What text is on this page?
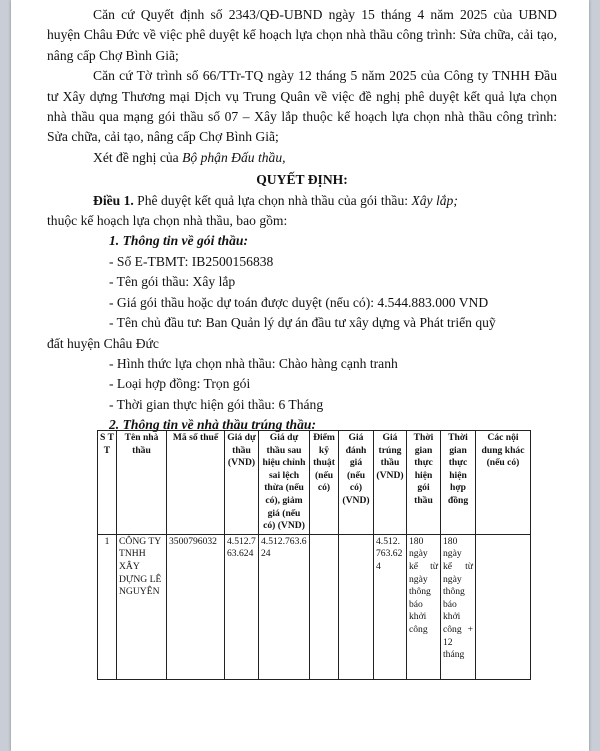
Căn cứ Quyết định số 2343/QĐ-UBND ngày 15 tháng 4 năm 2025 của UBND huyện Châu Đức về việc phê duyệt kế hoạch lựa chọn nhà thầu công trình: Sửa chữa, cải tạo, nâng cấp Chợ Bình Giã;

Căn cứ Tờ trình số 66/TTr-TQ ngày 12 tháng 5 năm 2025 của Công ty TNHH Đầu tư Xây dựng Thương mại Dịch vụ Trung Quân về việc đề nghị phê duyệt kết quả lựa chọn nhà thầu qua mạng gói thầu số 07 – Xây lắp thuộc kế hoạch lựa chọn nhà thầu công trình: Sửa chữa, cải tạo, nâng cấp Chợ Bình Giã;

Xét đề nghị của Bộ phận Đấu thầu,

QUYẾT ĐỊNH:

Điều 1. Phê duyệt kết quả lựa chọn nhà thầu của gói thầu: Xây lắp;

thuộc kế hoạch lựa chọn nhà thầu, bao gồm:

1. Thông tin về gói thầu:

- Số E-TBMT: IB2500156838

- Tên gói thầu: Xây lắp

- Giá gói thầu hoặc dự toán được duyệt (nếu có): 4.544.883.000 VND

- Tên chủ đầu tư: Ban Quản lý dự án đầu tư xây dựng và Phát triển quỹ

đất huyện Châu Đức

- Hình thức lựa chọn nhà thầu: Chào hàng cạnh tranh

- Loại hợp đồng: Trọn gói

- Thời gian thực hiện gói thầu: 6 Tháng

2. Thông tin về nhà thầu trúng thầu:

S T T	Tên nhà thầu	Mã số thuế	Giá dự thầu (VND)	Giá dự thầu sau hiệu chỉnh sai lệch thừa (nếu có), giảm giá (nếu có) (VND)	Điểm kỹ thuật (nếu có)	Giá đánh giá (nếu có) (VND)	Giá trúng thầu (VND)	Thời gian thực hiện gói thầu	Thời gian thực hiện hợp đồng	Các nội dung khác (nếu có)
1	CÔNG TY TNHH XÂY DỰNG LÊ NGUYÊN	3500796032	4.512.763.624	4.512.763.624			4.512.763.624	180 ngày kể từ ngày thông báo khởi công	180 ngày kể từ ngày thông báo khởi công + 12 tháng	
